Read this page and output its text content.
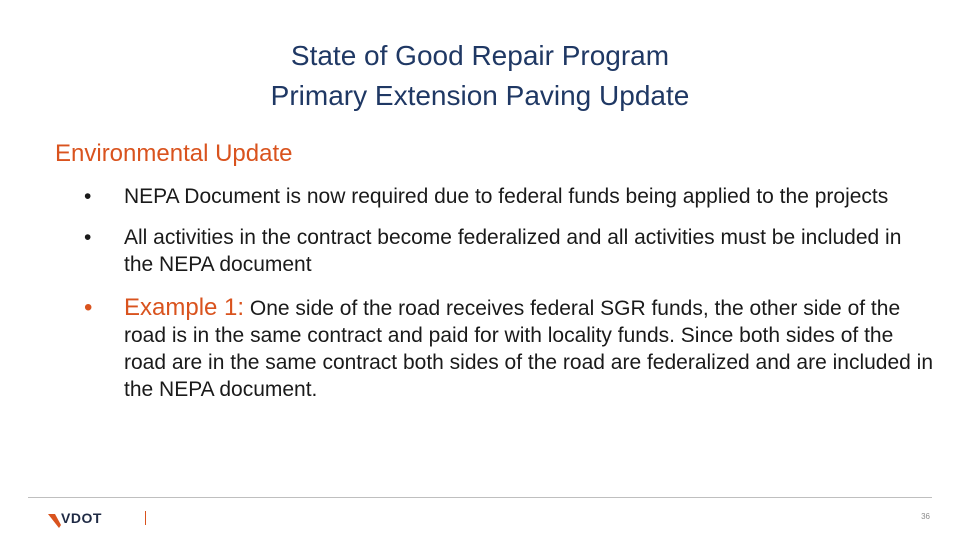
State of Good Repair Program
Primary Extension Paving Update
Environmental Update
•	NEPA Document is now required due to federal funds being applied to the projects
•	All activities in the contract become federalized and all activities must be included in the NEPA document
•	Example 1: One side of the road receives federal SGR funds, the other side of the road is in the same contract and paid for with locality funds. Since both sides of the road are in the same contract both sides of the road are federalized and are included in the NEPA document.
VDOT	36
